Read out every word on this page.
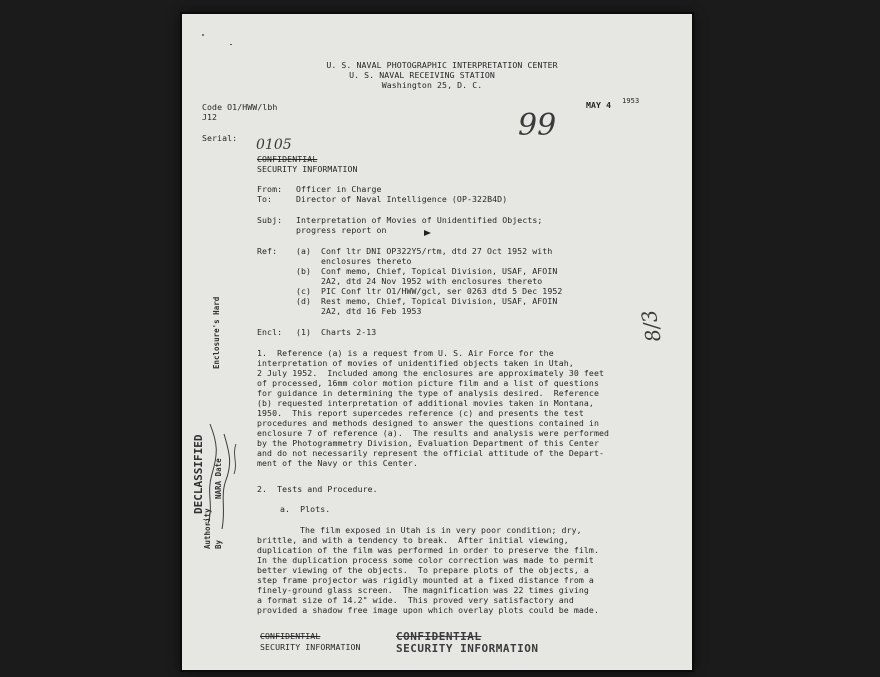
U. S. NAVAL PHOTOGRAPHIC INTERPRETATION CENTER
U. S. NAVAL RECEIVING STATION
Washington 25, D. C.
Code O1/HWW/lbh
J12
Serial: 0105
MAY 4 1953
99
CONFIDENTIAL
SECURITY INFORMATION
From: Officer in Charge
To:	Director of Naval Intelligence (OP-322B4D)
Subj: Interpretation of Movies of Unidentified Objects;
progress report on
Ref: (a) Conf ltr DNI OP322Y5/rtm, dtd 27 Oct 1952 with
enclosures thereto
(b) Conf memo, Chief, Topical Division, USAF, AFOIN
2A2, dtd 24 Nov 1952 with enclosures thereto
(c) PIC Conf ltr O1/HWW/gcl, ser 0263 dtd 5 Dec 1952
(d) Rest memo, Chief, Topical Division, USAF, AFOIN
2A2, dtd 16 Feb 1953
Encl: (1) Charts 2-13
1.  Reference (a) is a request from U. S. Air Force for the
interpretation of movies of unidentified objects taken in Utah,
2 July 1952.  Included among the enclosures are approximately 30 feet
of processed, 16mm color motion picture film and a list of questions
for guidance in determining the type of analysis desired.  Reference
(b) requested interpretation of additional movies taken in Montana,
1950.  This report supercedes reference (c) and presents the test
procedures and methods designed to answer the questions contained in
enclosure 7 of reference (a).  The results and analysis were performed
by the Photogrammetry Division, Evaluation Department of this Center
and do not necessarily represent the official attitude of the Depart-
ment of the Navy or this Center.
2.  Tests and Procedure.
a.  Plots.
The film exposed in Utah is in very poor condition; dry,
brittle, and with a tendency to break.  After initial viewing,
duplication of the film was performed in order to preserve the film.
In the duplication process some color correction was made to permit
better viewing of the objects.  To prepare plots of the objects, a
step frame projector was rigidly mounted at a fixed distance from a
finely-ground glass screen.  The magnification was 22 times giving
a format size of 14.2" wide.  This proved very satisfactory and
provided a shadow free image upon which overlay plots could be made.
CONFIDENTIAL
SECURITY INFORMATION
CONFIDENTIAL
SECURITY INFORMATION
DECLASSIFIED
Authority By
NARA Date
Enclosure's Hard	8/3
